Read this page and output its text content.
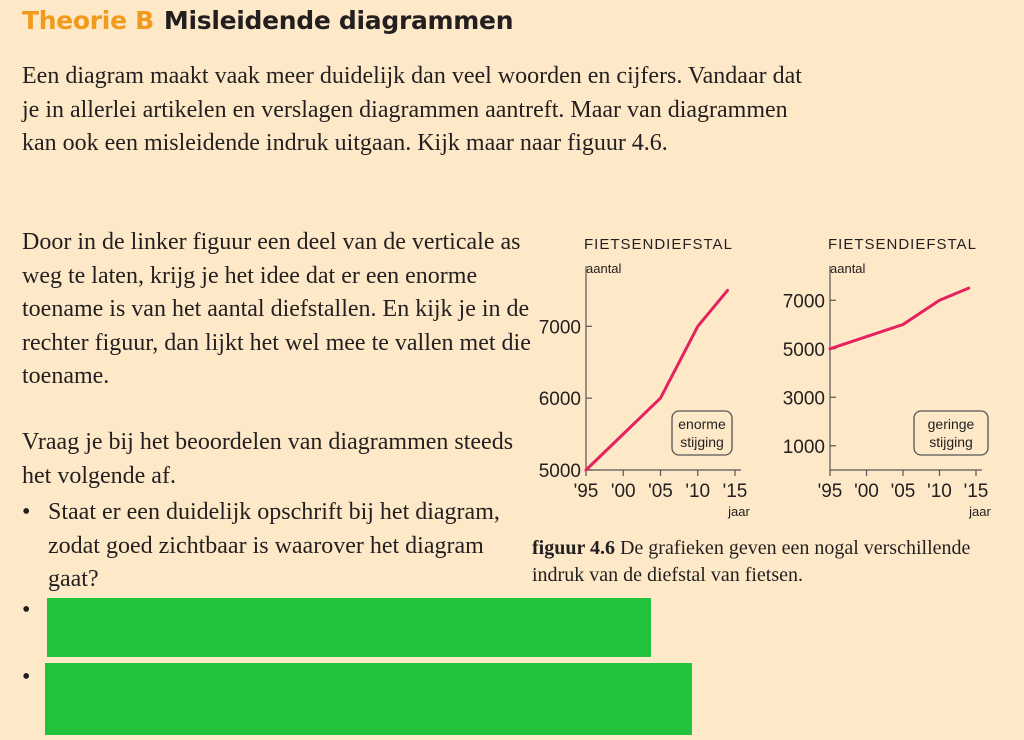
Theorie B Misleidende diagrammen

Een diagram maakt vaak meer duidelijk dan veel woorden en cijfers. Vandaar dat je in allerlei artikelen en verslagen diagrammen aantreft. Maar van diagrammen kan ook een misleidende indruk uitgaan. Kijk maar naar figuur 4.6.

Door in de linker figuur een deel van de verticale as weg te laten, krijg je het idee dat er een enorme toename is van het aantal diefstallen. En kijk je in de rechter figuur, dan lijkt het wel mee te vallen met die toename.

Vraag je bij het beoordelen van diagrammen steeds het volgende af.

• Staat er een duidelijk opschrift bij het diagram, zodat goed zichtbaar is waarover het diagram gaat?
•
•
FIETSENDIEFSTAL
aantal
5000
6000
7000
'95 '00 '05 '10 '15
jaar
enorme
stijging
FIETSENDIEFSTAL
aantal
1000
3000
5000
7000
'95 '00 '05 '10 '15
jaar
geringe
stijging

figuur 4.6 De grafieken geven een nogal verschillende indruk van de diefstal van fietsen.
